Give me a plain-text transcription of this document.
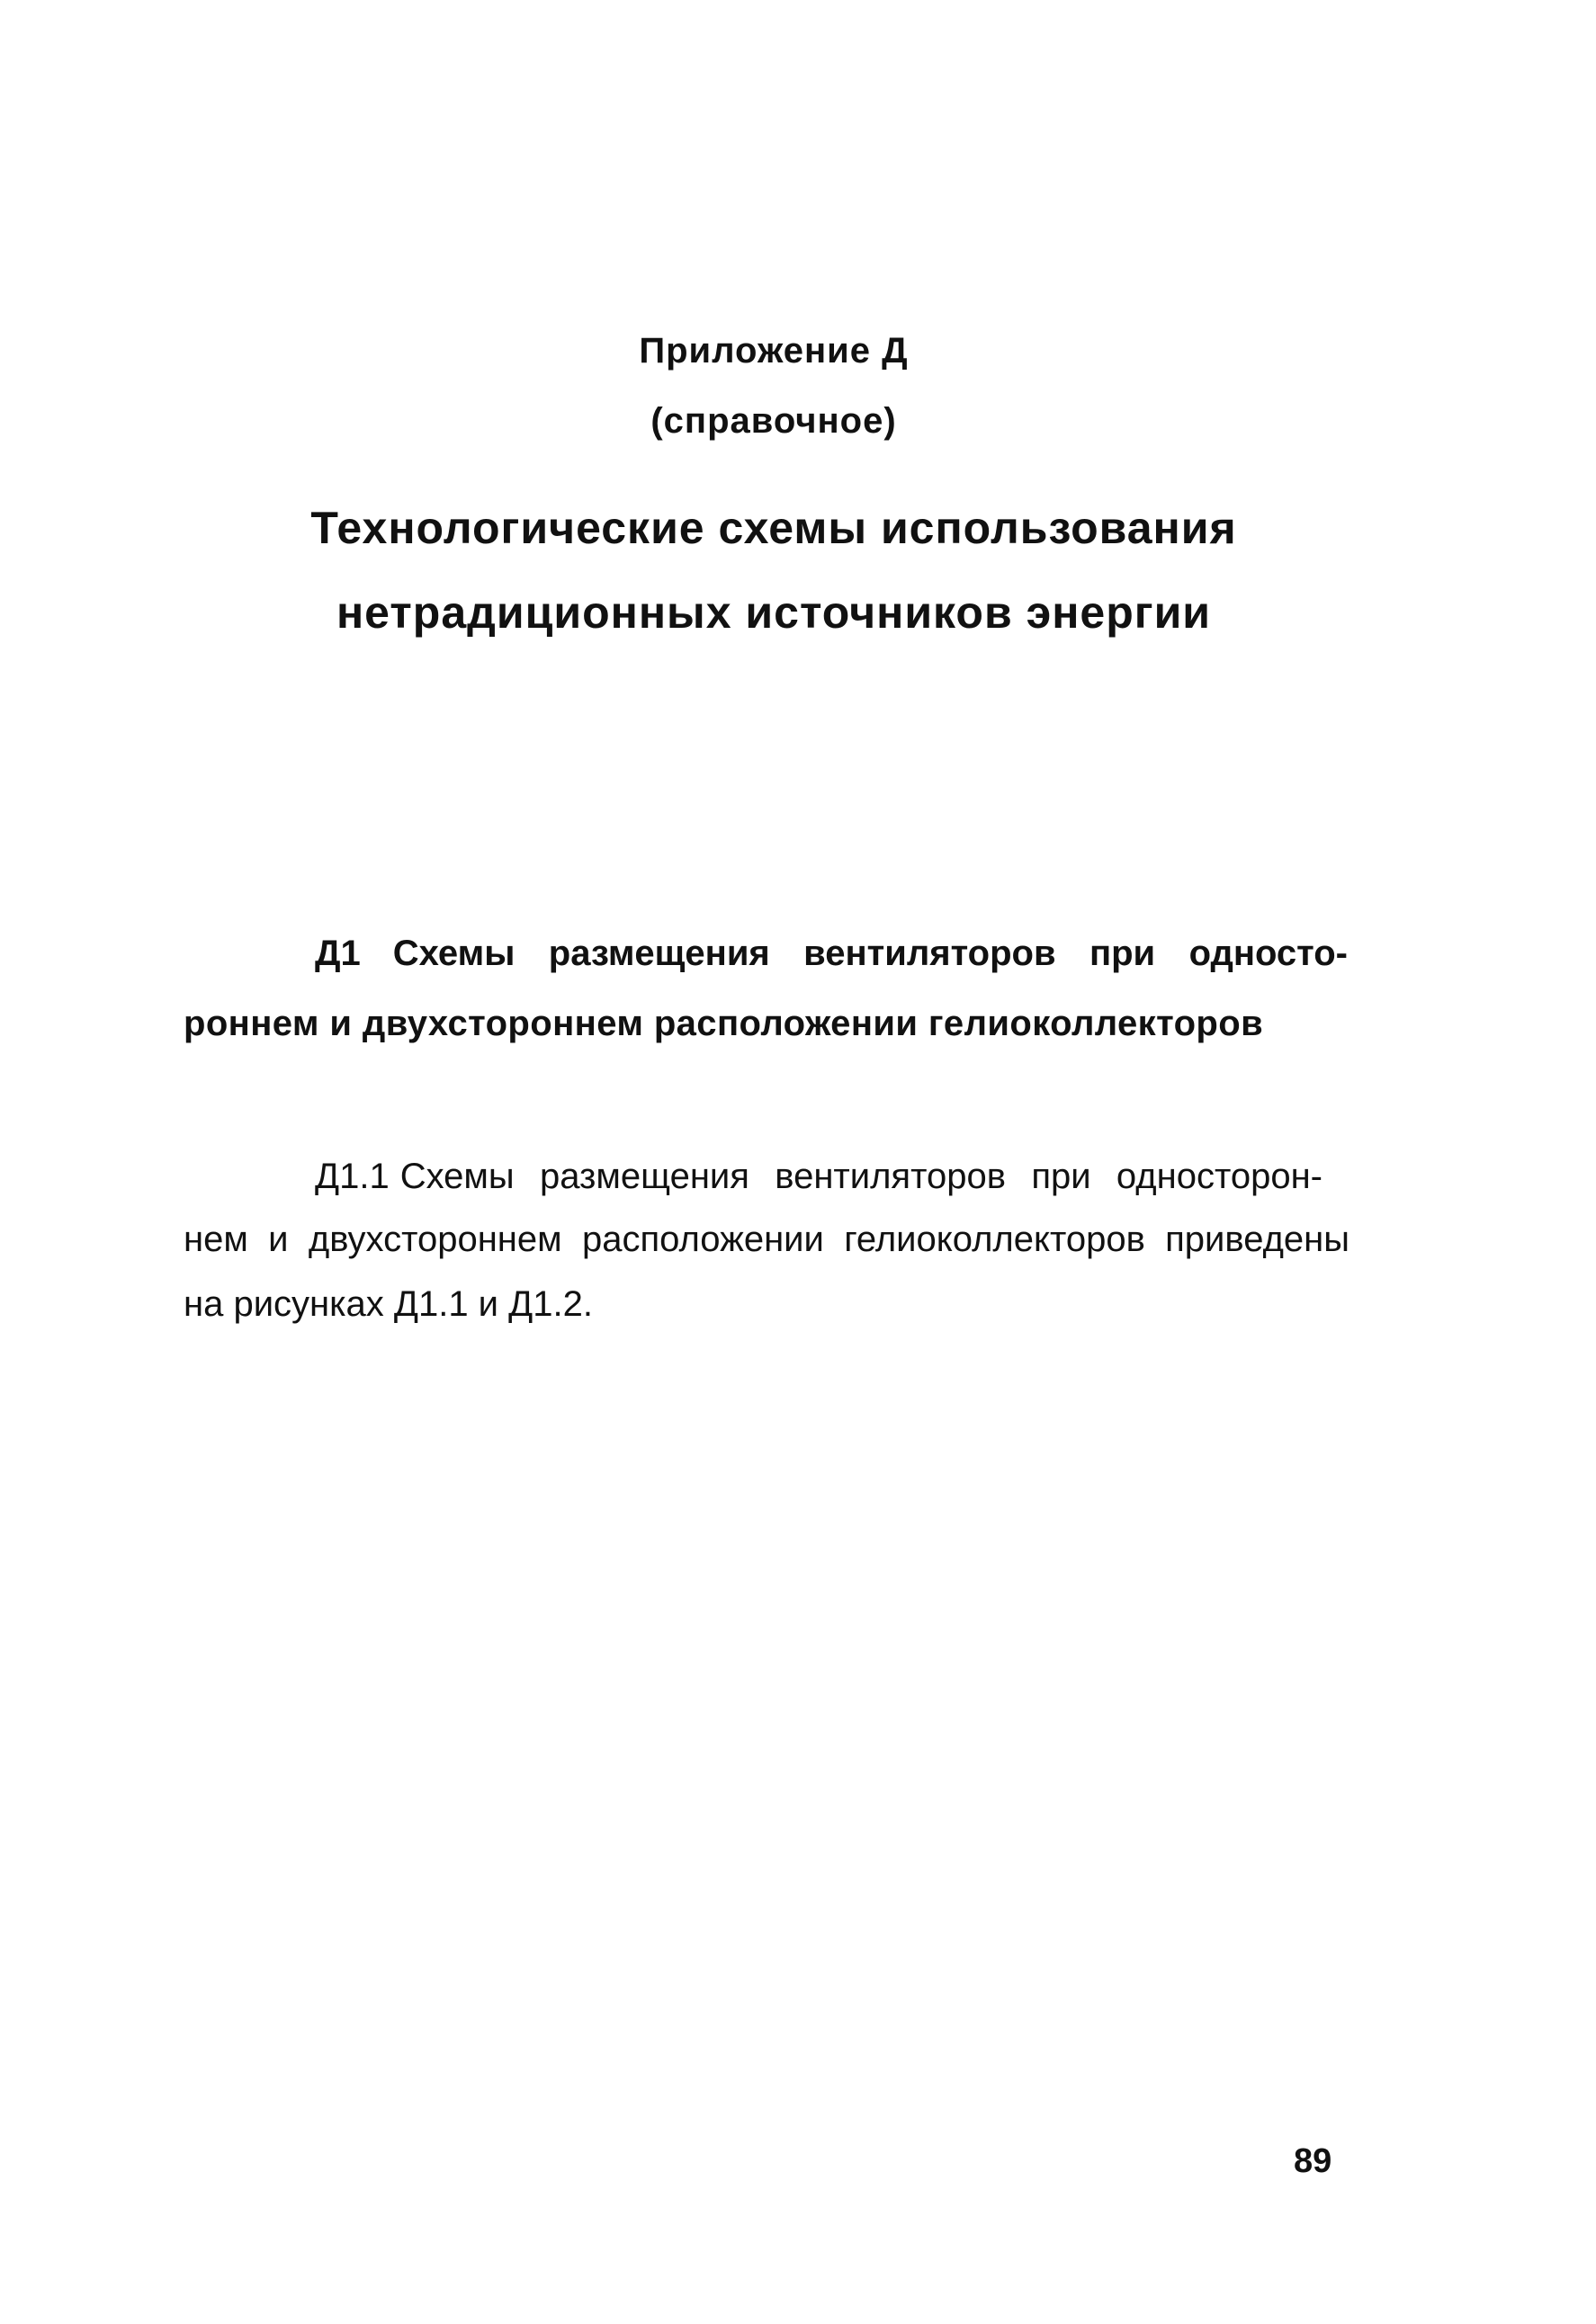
Приложение Д

(справочное)

Технологические схемы использования
нетрадиционных источников энергии
Д1 Схемы размещения вентиляторов при односто-
роннем и двухстороннем расположении гелиоколлекторов

Д1.1 Схемы размещения вентиляторов при односторон-

нем и двухстороннем расположении гелиоколлекторов приведены

на рисунках Д1.1 и Д1.2.

89
